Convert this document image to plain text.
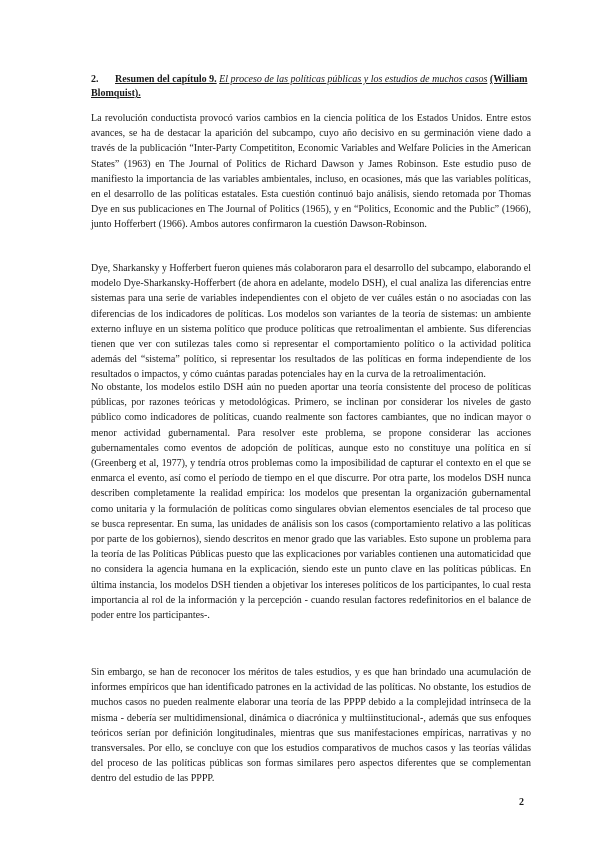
2. Resumen del capítulo 9. El proceso de las políticas públicas y los estudios de muchos casos (William Blomquist).

La revolución conductista provocó varios cambios en la ciencia política de los Estados Unidos. Entre estos avances, se ha de destacar la aparición del subcampo, cuyo año decisivo en su germinación viene dado a través de la publicación “Inter-Party Competititon, Economic Variables and Welfare Policies in the American States” (1963) en The Journal of Politics de Richard Dawson y James Robinson. Este estudio puso de manifiesto la importancia de las variables ambientales, incluso, en ocasiones, más que las variables políticas, en el desarrollo de las políticas estatales. Esta cuestión continuó bajo análisis, siendo retomada por Thomas Dye en sus publicaciones en The Journal of Politics (1965), y en “Politics, Economic and the Public” (1966), junto Hofferbert (1966). Ambos autores confirmaron la cuestión Dawson-Robinson.

Dye, Sharkansky y Hofferbert fueron quienes más colaboraron para el desarrollo del subcampo, elaborando el modelo Dye-Sharkansky-Hofferbert (de ahora en adelante, modelo DSH), el cual analiza las diferencias entre sistemas para una serie de variables independientes con el objeto de ver cuáles están o no asociadas con las diferencias de los indicadores de políticas. Los modelos son variantes de la teoría de sistemas: un ambiente externo influye en un sistema político que produce políticas que retroalimentan el ambiente. Sus diferencias tienen que ver con sutilezas tales como si representar el comportamiento político o la actividad política además del “sistema” político, si representar los resultados de las políticas en forma independiente de los resultados o impactos, y cómo cuántas paradas potenciales hay en la curva de la retroalimentación.

No obstante, los modelos estilo DSH aún no pueden aportar una teoría consistente del proceso de políticas públicas, por razones teóricas y metodológicas. Primero, se inclinan por considerar los niveles de gasto público como indicadores de políticas, cuando realmente son factores cambiantes, que no indican mayor o menor actividad gubernamental. Para resolver este problema, se propone considerar las acciones gubernamentales como eventos de adopción de políticas, aunque esto no constituye una política en sí (Greenberg et al, 1977), y tendría otros problemas como la imposibilidad de capturar el contexto en el que se enmarca el evento, así como el período de tiempo en el que discurre. Por otra parte, los modelos DSH nunca describen completamente la realidad empírica: los modelos que presentan la organización gubernamental como unitaria y la formulación de políticas como singulares obvian elementos esenciales de tal proceso que se busca representar. En suma, las unidades de análisis son los casos (comportamiento relativo a las políticas por parte de los gobiernos), siendo descritos en menor grado que las variables. Esto supone un problema para la teoría de las Políticas Públicas puesto que las explicaciones por variables contienen una automaticidad que no considera la agencia humana en la explicación, siendo este un punto clave en las políticas públicas. En última instancia, los modelos DSH tienden a objetivar los intereses políticos de los participantes, lo cual resta importancia al rol de la información y la percepción - cuando resulan factores redefinitorios en el balance de poder entre los participantes-.

Sin embargo, se han de reconocer los méritos de tales estudios, y es que han brindado una acumulación de informes empíricos que han identificado patrones en la actividad de las políticas. No obstante, los estudios de muchos casos no pueden realmente elaborar una teoría de las PPPP debido a la complejidad intrínseca de la misma - debería ser multidimensional, dinámica o diacrónica y multiinstitucional-, además que sus enfoques teóricos serían por definición longitudinales, mientras que sus manifestaciones empíricas, narrativas y no transversales. Por ello, se concluye con que los estudios comparativos de muchos casos y las teorías válidas del proceso de las políticas públicas son formas similares pero aspectos diferentes que se complementan dentro del estudio de las PPPP.

2
